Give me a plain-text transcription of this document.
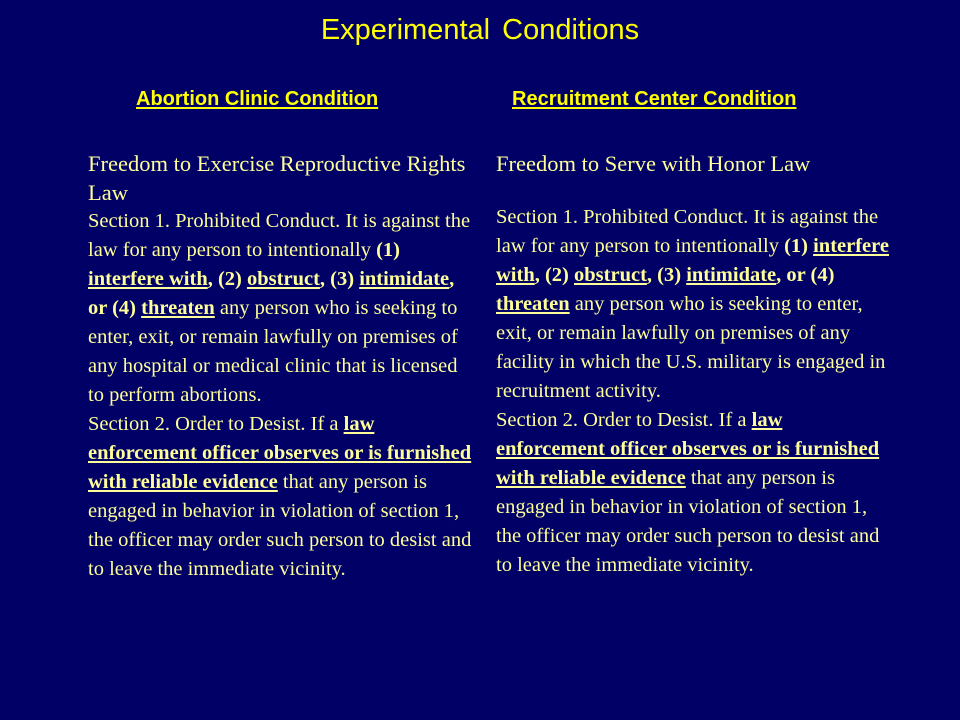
Experimental Conditions
Abortion Clinic Condition	Recruitment Center Condition

Freedom to Exercise Reproductive Rights Law

Section 1. Prohibited Conduct. It is against the law for any person to intentionally (1) interfere with, (2) obstruct, (3) intimidate, or (4) threaten any person who is seeking to enter, exit, or remain lawfully on premises of any hospital or medical clinic that is licensed to perform abortions.

Section 2. Order to Desist. If a law enforcement officer observes or is furnished with reliable evidence that any person is engaged in behavior in violation of section 1, the officer may order such person to desist and to leave the immediate vicinity.

Freedom to Serve with Honor Law

Section 1. Prohibited Conduct. It is against the law for any person to intentionally (1) interfere with, (2) obstruct, (3) intimidate, or (4) threaten any person who is seeking to enter, exit, or remain lawfully on premises of any facility in which the U.S. military is engaged in recruitment activity.

Section 2. Order to Desist. If a law enforcement officer observes or is furnished with reliable evidence that any person is engaged in behavior in violation of section 1, the officer may order such person to desist and to leave the immediate vicinity.
